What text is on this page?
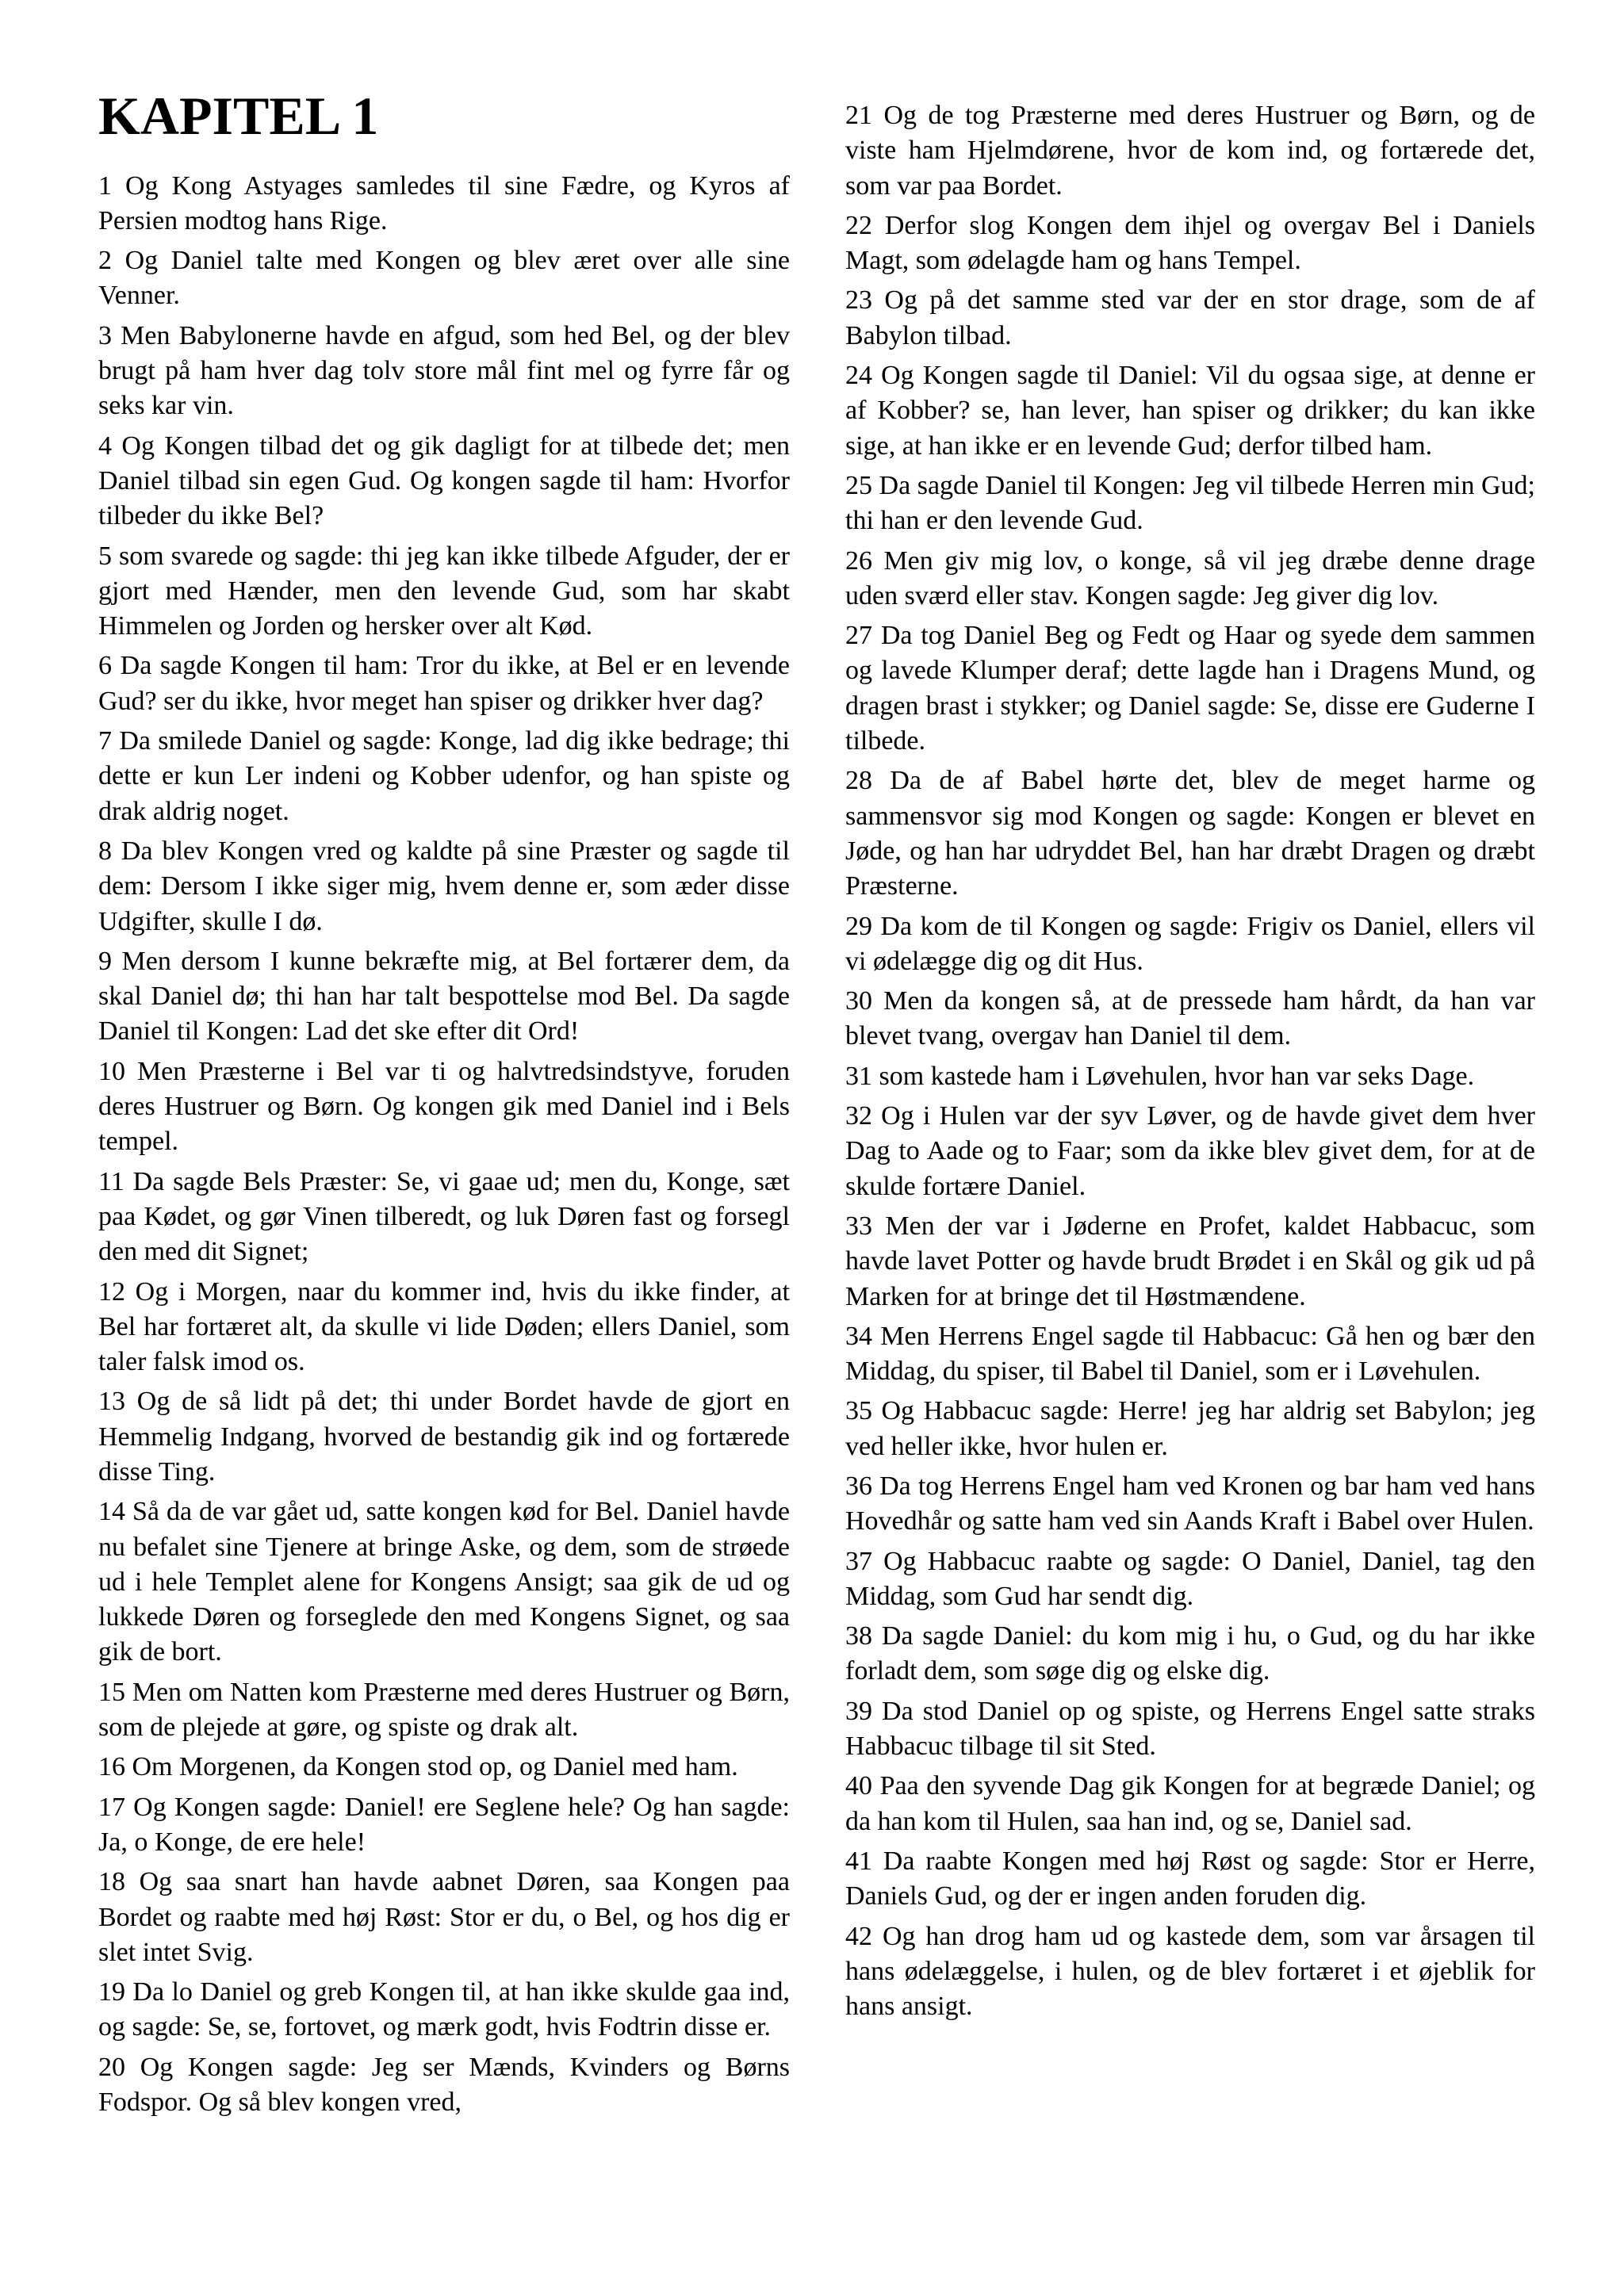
KAPITEL 1

1 Og Kong Astyages samledes til sine Fædre, og Kyros af Persien modtog hans Rige.

2 Og Daniel talte med Kongen og blev æret over alle sine Venner.

3 Men Babylonerne havde en afgud, som hed Bel, og der blev brugt på ham hver dag tolv store mål fint mel og fyrre får og seks kar vin.

4 Og Kongen tilbad det og gik dagligt for at tilbede det; men Daniel tilbad sin egen Gud. Og kongen sagde til ham: Hvorfor tilbeder du ikke Bel?

5 som svarede og sagde: thi jeg kan ikke tilbede Afguder, der er gjort med Hænder, men den levende Gud, som har skabt Himmelen og Jorden og hersker over alt Kød.

6 Da sagde Kongen til ham: Tror du ikke, at Bel er en levende Gud? ser du ikke, hvor meget han spiser og drikker hver dag?

7 Da smilede Daniel og sagde: Konge, lad dig ikke bedrage; thi dette er kun Ler indeni og Kobber udenfor, og han spiste og drak aldrig noget.

8 Da blev Kongen vred og kaldte på sine Præster og sagde til dem: Dersom I ikke siger mig, hvem denne er, som æder disse Udgifter, skulle I dø.

9 Men dersom I kunne bekræfte mig, at Bel fortærer dem, da skal Daniel dø; thi han har talt bespottelse mod Bel. Da sagde Daniel til Kongen: Lad det ske efter dit Ord!

10 Men Præsterne i Bel var ti og halvtredsindstyve, foruden deres Hustruer og Børn. Og kongen gik med Daniel ind i Bels tempel.

11 Da sagde Bels Præster: Se, vi gaae ud; men du, Konge, sæt paa Kødet, og gør Vinen tilberedt, og luk Døren fast og forsegl den med dit Signet;

12 Og i Morgen, naar du kommer ind, hvis du ikke finder, at Bel har fortæret alt, da skulle vi lide Døden; ellers Daniel, som taler falsk imod os.

13 Og de så lidt på det; thi under Bordet havde de gjort en Hemmelig Indgang, hvorved de bestandig gik ind og fortærede disse Ting.

14 Så da de var gået ud, satte kongen kød for Bel. Daniel havde nu befalet sine Tjenere at bringe Aske, og dem, som de strøede ud i hele Templet alene for Kongens Ansigt; saa gik de ud og lukkede Døren og forseglede den med Kongens Signet, og saa gik de bort.

15 Men om Natten kom Præsterne med deres Hustruer og Børn, som de plejede at gøre, og spiste og drak alt.

16 Om Morgenen, da Kongen stod op, og Daniel med ham.

17 Og Kongen sagde: Daniel! ere Seglene hele? Og han sagde: Ja, o Konge, de ere hele!

18 Og saa snart han havde aabnet Døren, saa Kongen paa Bordet og raabte med høj Røst: Stor er du, o Bel, og hos dig er slet intet Svig.

19 Da lo Daniel og greb Kongen til, at han ikke skulde gaa ind, og sagde: Se, se, fortovet, og mærk godt, hvis Fodtrin disse er.

20 Og Kongen sagde: Jeg ser Mænds, Kvinders og Børns Fodspor. Og så blev kongen vred,

21 Og de tog Præsterne med deres Hustruer og Børn, og de viste ham Hjelmdørene, hvor de kom ind, og fortærede det, som var paa Bordet.

22 Derfor slog Kongen dem ihjel og overgav Bel i Daniels Magt, som ødelagde ham og hans Tempel.

23 Og på det samme sted var der en stor drage, som de af Babylon tilbad.

24 Og Kongen sagde til Daniel: Vil du ogsaa sige, at denne er af Kobber? se, han lever, han spiser og drikker; du kan ikke sige, at han ikke er en levende Gud; derfor tilbed ham.

25 Da sagde Daniel til Kongen: Jeg vil tilbede Herren min Gud; thi han er den levende Gud.

26 Men giv mig lov, o konge, så vil jeg dræbe denne drage uden sværd eller stav. Kongen sagde: Jeg giver dig lov.

27 Da tog Daniel Beg og Fedt og Haar og syede dem sammen og lavede Klumper deraf; dette lagde han i Dragens Mund, og dragen brast i stykker; og Daniel sagde: Se, disse ere Guderne I tilbede.

28 Da de af Babel hørte det, blev de meget harme og sammensvor sig mod Kongen og sagde: Kongen er blevet en Jøde, og han har udryddet Bel, han har dræbt Dragen og dræbt Præsterne.

29 Da kom de til Kongen og sagde: Frigiv os Daniel, ellers vil vi ødelægge dig og dit Hus.

30 Men da kongen så, at de pressede ham hårdt, da han var blevet tvang, overgav han Daniel til dem.

31 som kastede ham i Løvehulen, hvor han var seks Dage.

32 Og i Hulen var der syv Løver, og de havde givet dem hver Dag to Aade og to Faar; som da ikke blev givet dem, for at de skulde fortære Daniel.

33 Men der var i Jøderne en Profet, kaldet Habbacuc, som havde lavet Potter og havde brudt Brødet i en Skål og gik ud på Marken for at bringe det til Høstmændene.

34 Men Herrens Engel sagde til Habbacuc: Gå hen og bær den Middag, du spiser, til Babel til Daniel, som er i Løvehulen.

35 Og Habbacuc sagde: Herre! jeg har aldrig set Babylon; jeg ved heller ikke, hvor hulen er.

36 Da tog Herrens Engel ham ved Kronen og bar ham ved hans Hovedhår og satte ham ved sin Aands Kraft i Babel over Hulen.

37 Og Habbacuc raabte og sagde: O Daniel, Daniel, tag den Middag, som Gud har sendt dig.

38 Da sagde Daniel: du kom mig i hu, o Gud, og du har ikke forladt dem, som søge dig og elske dig.

39 Da stod Daniel op og spiste, og Herrens Engel satte straks Habbacuc tilbage til sit Sted.

40 Paa den syvende Dag gik Kongen for at begræde Daniel; og da han kom til Hulen, saa han ind, og se, Daniel sad.

41 Da raabte Kongen med høj Røst og sagde: Stor er Herre, Daniels Gud, og der er ingen anden foruden dig.

42 Og han drog ham ud og kastede dem, som var årsagen til hans ødelæggelse, i hulen, og de blev fortæret i et øjeblik for hans ansigt.
